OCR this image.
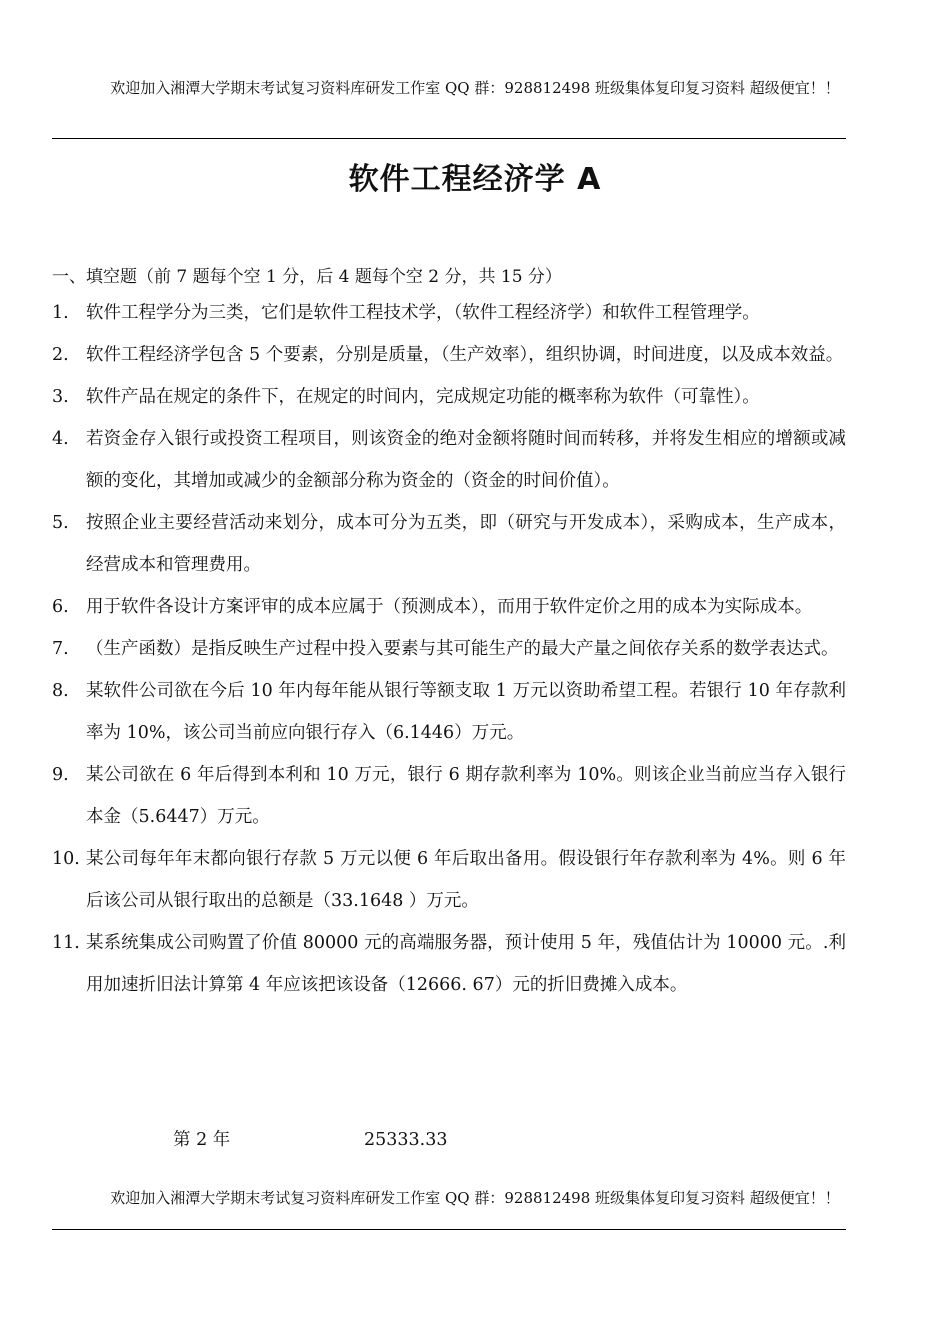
欢迎加入湘潭大学期末考试复习资料库研发工作室 QQ 群：928812498 班级集体复印复习资料 超级便宜！！
软件工程经济学 A
一、填空题（前 7 题每个空 1 分，后 4 题每个空 2 分，共 15 分）
1. 软件工程学分为三类，它们是软件工程技术学，（软件工程经济学）和软件工程管理学。
2. 软件工程经济学包含 5 个要素，分别是质量，（生产效率），组织协调，时间进度，以及成本效益。
3. 软件产品在规定的条件下，在规定的时间内，完成规定功能的概率称为软件（可靠性）。
4. 若资金存入银行或投资工程项目，则该资金的绝对金额将随时间而转移，并将发生相应的增额或减额的变化，其增加或减少的金额部分称为资金的（资金的时间价值）。
5. 按照企业主要经营活动来划分，成本可分为五类，即（研究与开发成本），采购成本，生产成本，经营成本和管理费用。
6. 用于软件各设计方案评审的成本应属于（预测成本），而用于软件定价之用的成本为实际成本。
7. （生产函数）是指反映生产过程中投入要素与其可能生产的最大产量之间依存关系的数学表达式。
8. 某软件公司欲在今后 10 年内每年能从银行等额支取 1 万元以资助希望工程。若银行 10 年存款利率为 10%，该公司当前应向银行存入（6.1446）万元。
9. 某公司欲在 6 年后得到本利和 10 万元，银行 6 期存款利率为 10%。则该企业当前应当存入银行本金（5.6447）万元。
10. 某公司每年年末都向银行存款 5 万元以便 6 年后取出备用。假设银行年存款利率为 4%。则 6 年后该公司从银行取出的总额是（33.1648 ）万元。
11. 某系统集成公司购置了价值 80000 元的高端服务器，预计使用 5 年，残值估计为 10000 元。.利用加速折旧法计算第 4 年应该把该设备（12666. 67）元的折旧费摊入成本。
第 2 年	25333.33
欢迎加入湘潭大学期末考试复习资料库研发工作室 QQ 群：928812498 班级集体复印复习资料 超级便宜！！
